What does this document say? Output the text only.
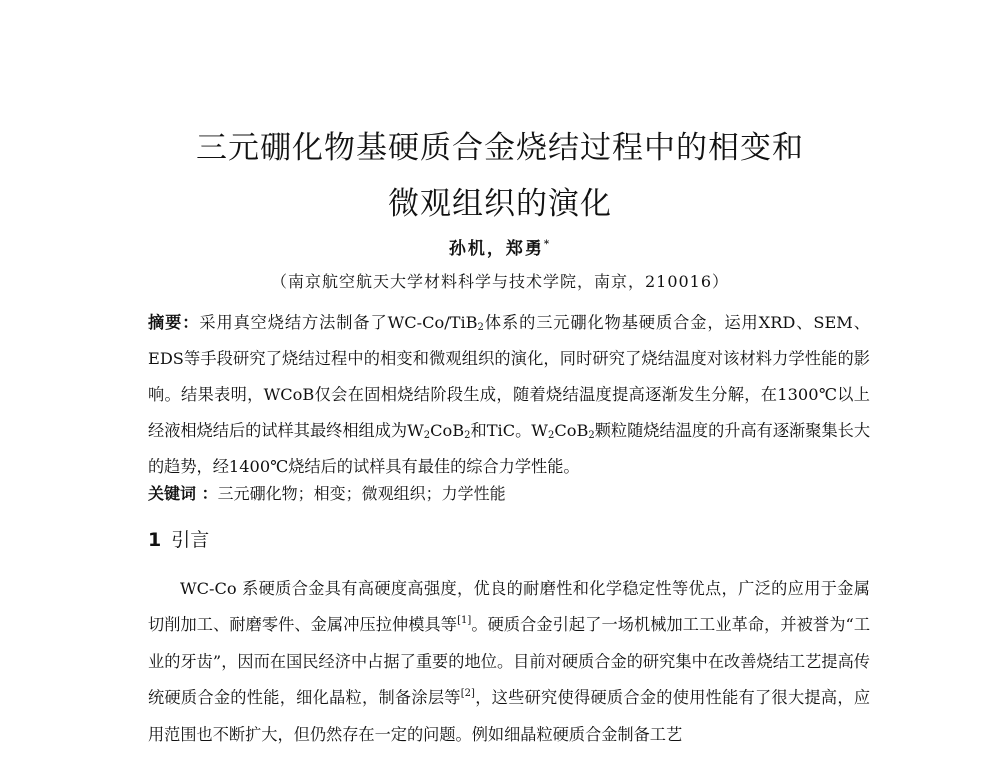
三元硼化物基硬质合金烧结过程中的相变和
微观组织的演化
孙机，郑勇*
（南京航空航天大学材料科学与技术学院，南京，210016）

摘要：采用真空烧结方法制备了WC-Co/TiB$_2$体系的三元硼化物基硬质合金，运用XRD、SEM、EDS等手段研究了烧结过程中的相变和微观组织的演化，同时研究了烧结温度对该材料力学性能的影响。结果表明，WCoB仅会在固相烧结阶段生成，随着烧结温度提高逐渐发生分解，在1300℃以上经液相烧结后的试样其最终相组成为$W_2CoB_2$和TiC。$W_2CoB_2$颗粒随烧结温度的升高有逐渐聚集长大的趋势，经1400℃烧结后的试样具有最佳的综合力学性能。

关键词 ：三元硼化物；相变；微观组织；力学性能
1 引言

WC-Co 系硬质合金具有高硬度高强度，优良的耐磨性和化学稳定性等优点，广泛的应用于金属切削加工、耐磨零件、金属冲压拉伸模具等[1]。硬质合金引起了一场机械加工工业革命，并被誉为“工业的牙齿”，因而在国民经济中占据了重要的地位。目前对硬质合金的研究集中在改善烧结工艺提高传统硬质合金的性能，细化晶粒，制备涂层等[2]，这些研究使得硬质合金的使用性能有了很大提高，应用范围也不断扩大，但仍然存在一定的问题。例如细晶粒硬质合金制备工艺
